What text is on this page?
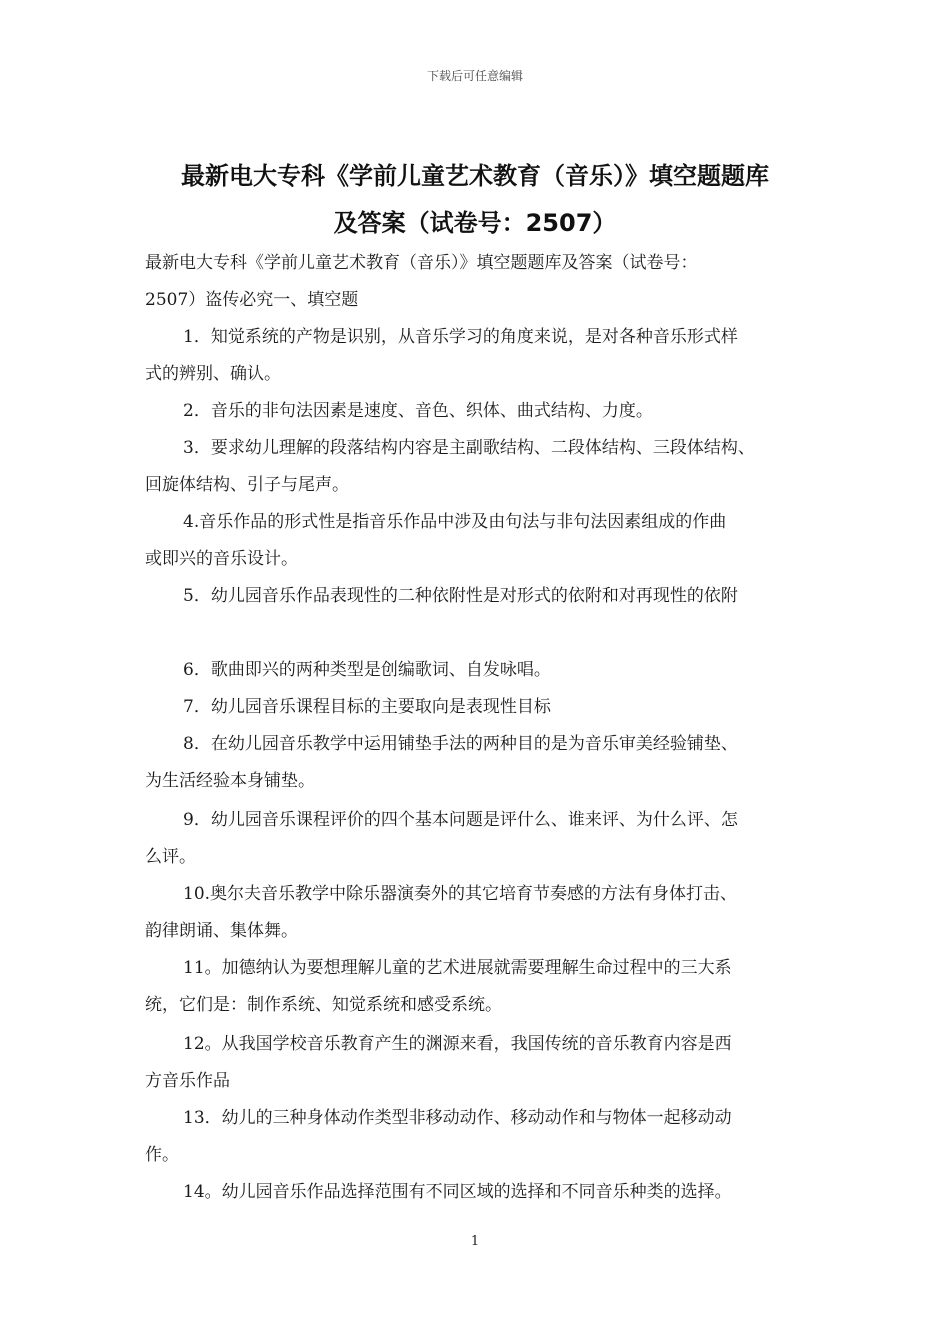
下载后可任意编辑
最新电大专科《学前儿童艺术教育（音乐）》填空题题库
及答案（试卷号：2507）
最新电大专科《学前儿童艺术教育（音乐）》填空题题库及答案（试卷号：
2507）盗传必究一、填空题
1．知觉系统的产物是识别，从音乐学习的角度来说，是对各种音乐形式样
式的辨别、确认。
2．音乐的非句法因素是速度、音色、织体、曲式结构、力度。
3．要求幼儿理解的段落结构内容是主副歌结构、二段体结构、三段体结构、
回旋体结构、引子与尾声。
4.音乐作品的形式性是指音乐作品中涉及由句法与非句法因素组成的作曲
或即兴的音乐设计。
5．幼儿园音乐作品表现性的二种依附性是对形式的依附和对再现性的依附
6．歌曲即兴的两种类型是创编歌词、自发咏唱。
7．幼儿园音乐课程目标的主要取向是表现性目标
8．在幼儿园音乐教学中运用铺垫手法的两种目的是为音乐审美经验铺垫、
为生活经验本身铺垫。
9．幼儿园音乐课程评价的四个基本问题是评什么、谁来评、为什么评、怎
么评。
10.奥尔夫音乐教学中除乐器演奏外的其它培育节奏感的方法有身体打击、
韵律朗诵、集体舞。
11。加德纳认为要想理解儿童的艺术进展就需要理解生命过程中的三大系
统，它们是：制作系统、知觉系统和感受系统。
12。从我国学校音乐教育产生的渊源来看，我国传统的音乐教育内容是西
方音乐作品
13．幼儿的三种身体动作类型非移动动作、移动动作和与物体一起移动动
作。
14。幼儿园音乐作品选择范围有不同区域的选择和不同音乐种类的选择。
1
